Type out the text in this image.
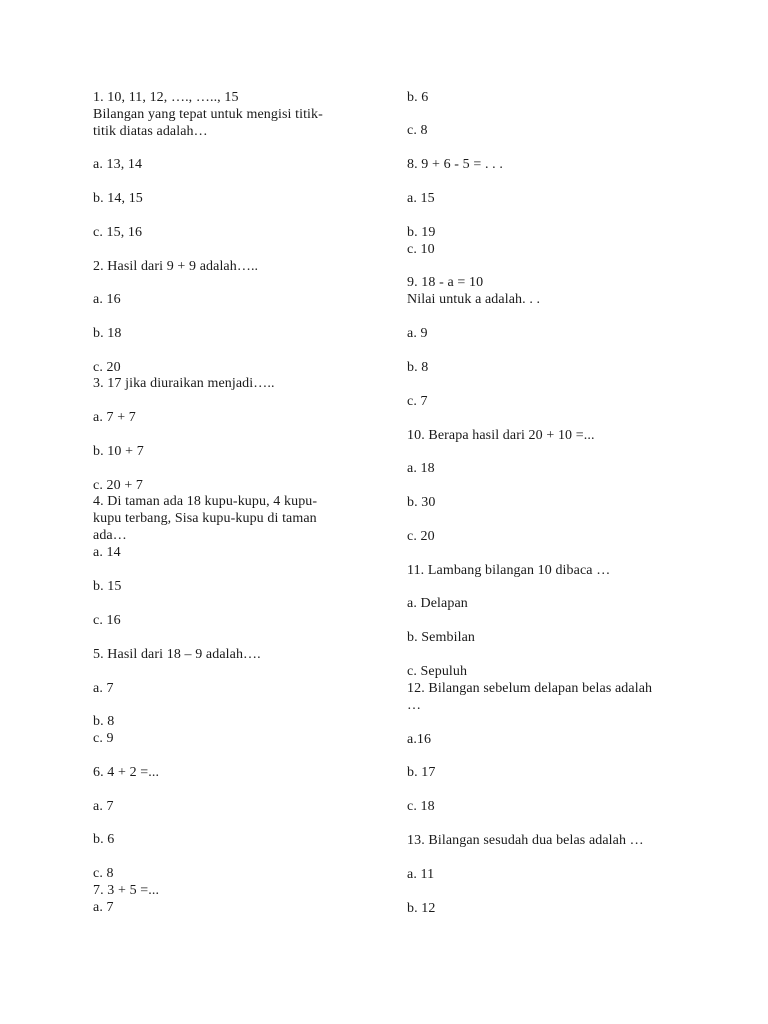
1. 10, 11, 12, …., ….., 15
Bilangan yang tepat untuk mengisi titik-
titik diatas adalah…
a. 13, 14
b. 14, 15
c. 15, 16
2. Hasil dari 9 + 9 adalah…..
a. 16
b. 18
c. 20
3. 17 jika diuraikan menjadi…..
a. 7 + 7
b. 10 + 7
c. 20 + 7
4. Di taman ada 18 kupu-kupu, 4 kupu-
kupu terbang, Sisa kupu-kupu di taman
ada…
a. 14
b. 15
c. 16
5. Hasil dari 18 – 9 adalah….
a. 7
b. 8
c. 9
6. 4 + 2 =...
a. 7
b. 6
c. 8
7. 3 + 5 =...
a. 7
b. 6
c. 8
8. 9 + 6 - 5 = . . .
a. 15
b. 19
c. 10
9. 18 - a = 10
Nilai untuk a adalah. . .
a. 9
b. 8
c. 7
10. Berapa hasil dari 20 + 10 =...
a. 18
b. 30
c. 20
11. Lambang bilangan 10 dibaca …
a. Delapan
b. Sembilan
c. Sepuluh
12. Bilangan sebelum delapan belas adalah
…
a.16
b. 17
c. 18
13. Bilangan sesudah dua belas adalah …
a. 11
b. 12
